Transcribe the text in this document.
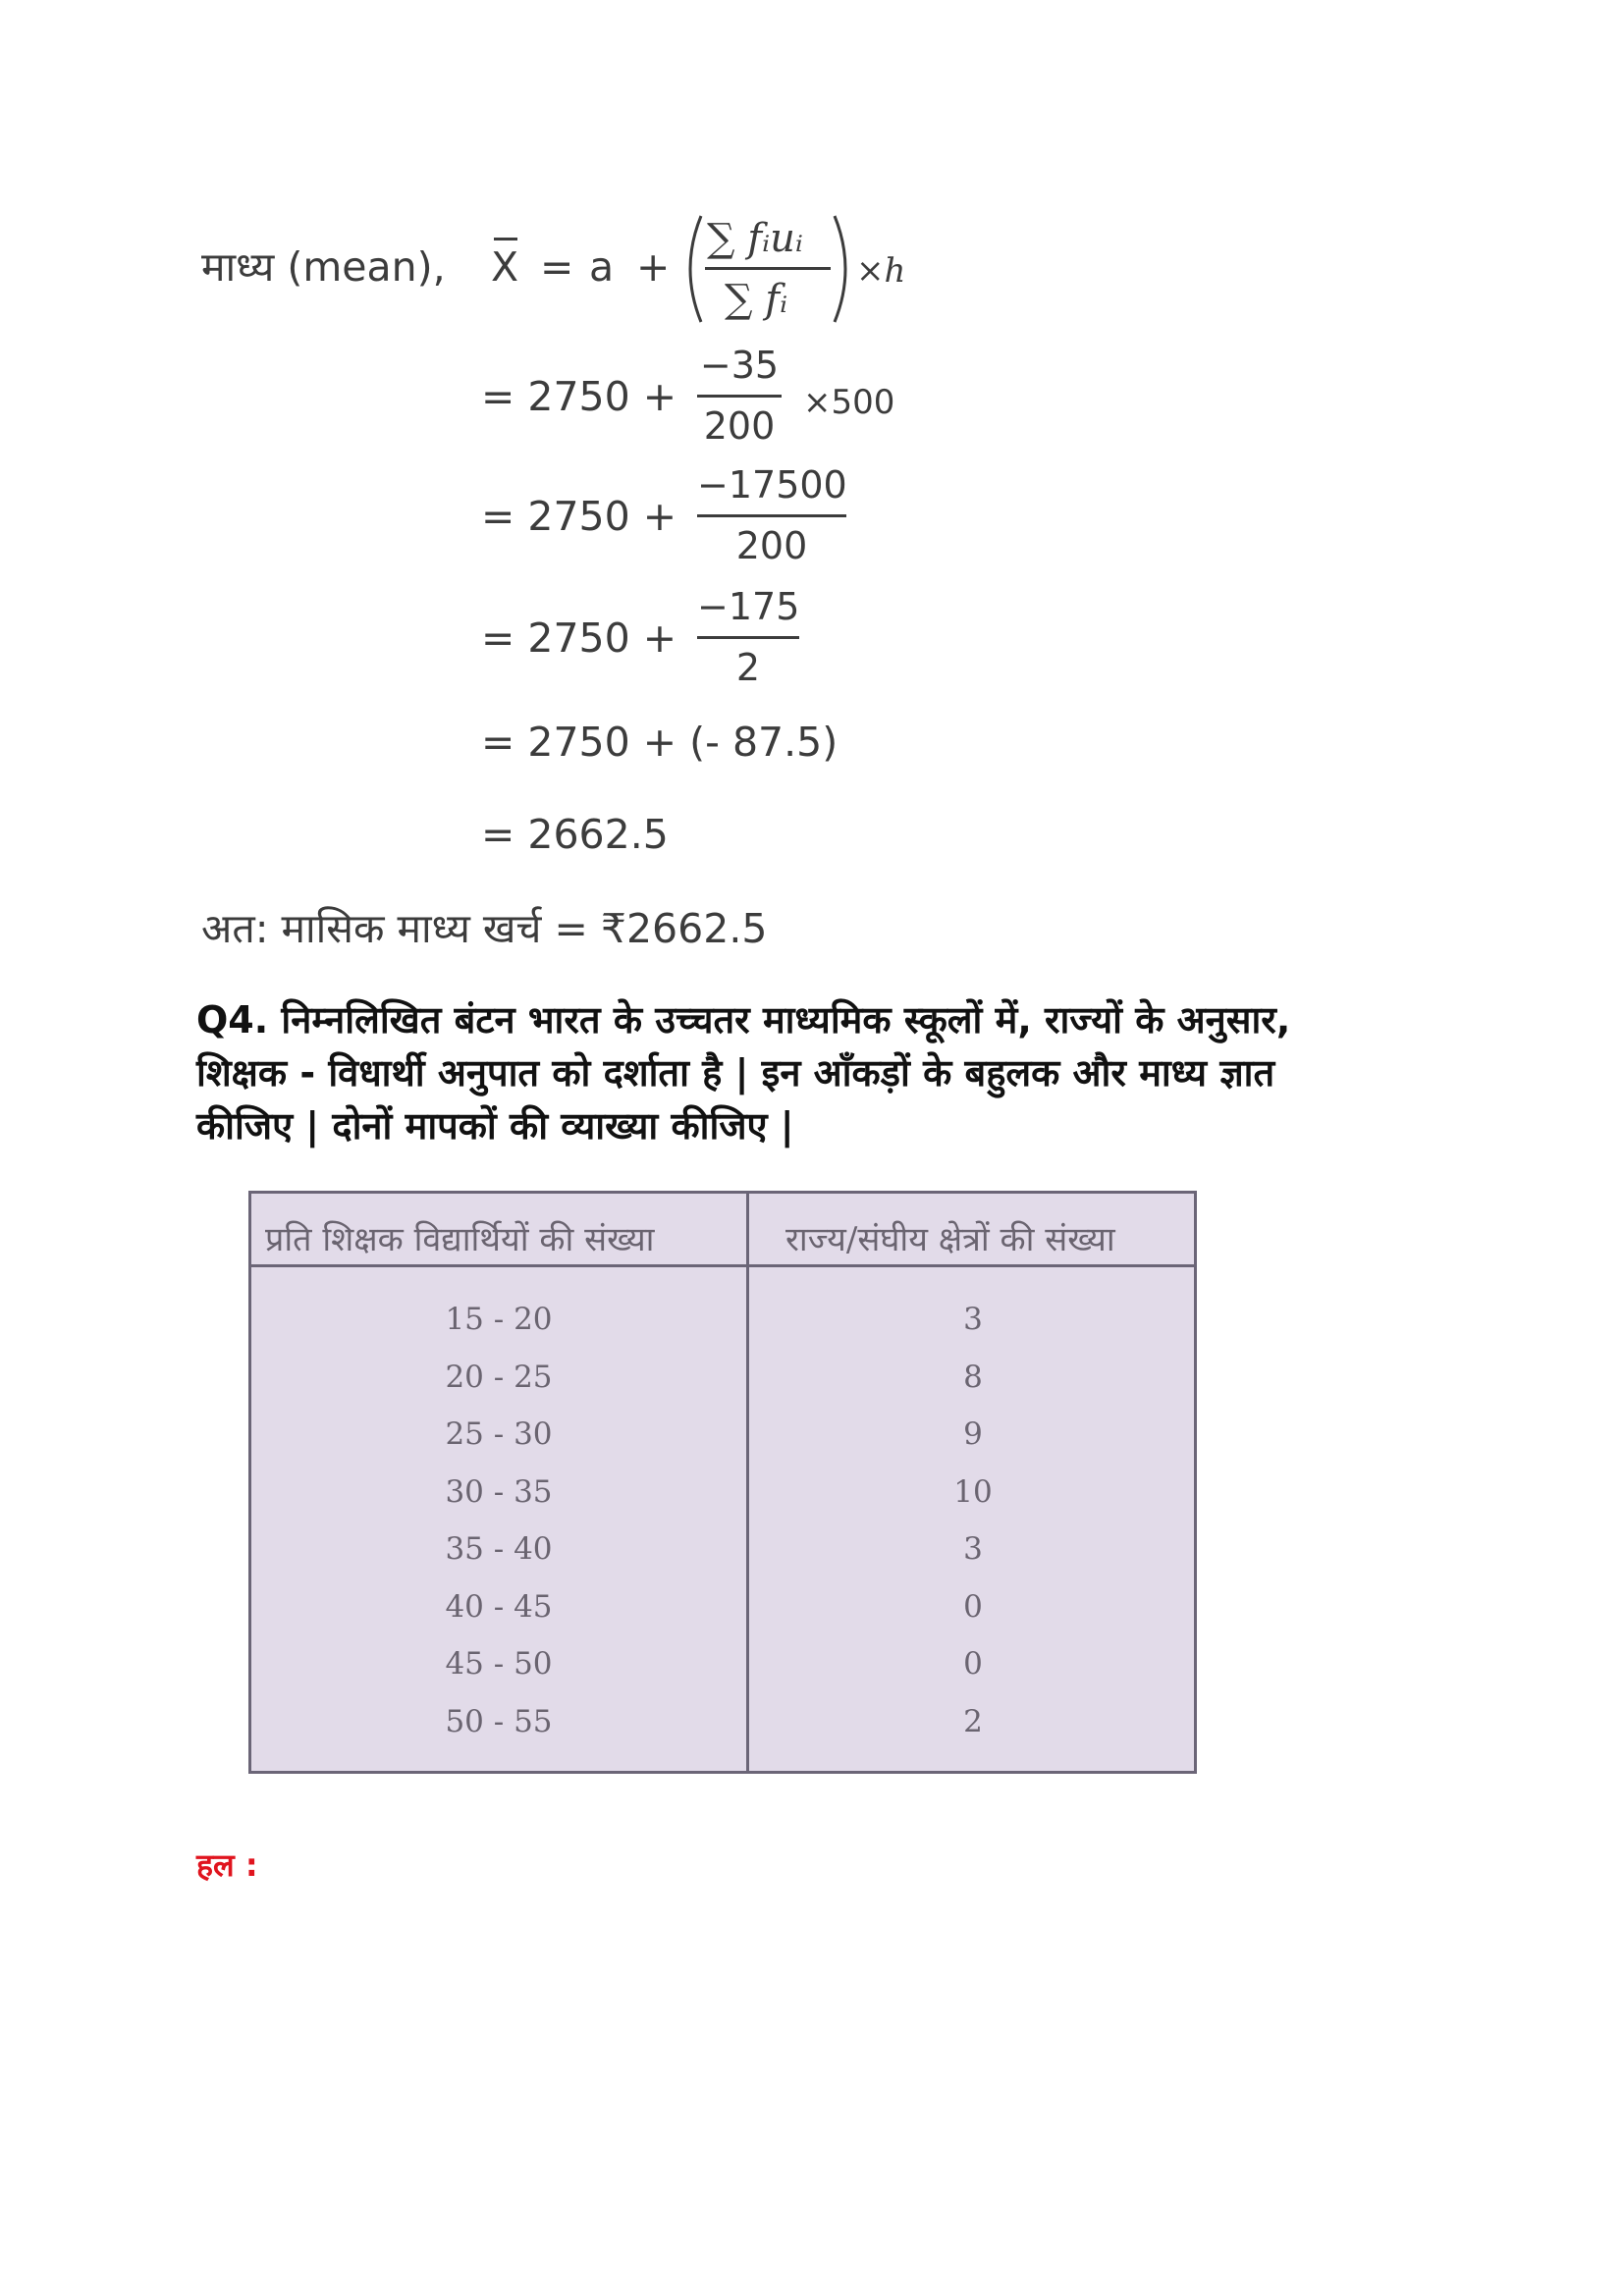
माध्य (mean), X = a +
∑ fᵢuᵢ
∑ fᵢ
×h
= 2750 +
−35
200
×500
= 2750 +
−17500
200
= 2750 +
−175
2
= 2750 + (- 87.5)
= 2662.5
अत: मासिक माध्य खर्च = ₹2662.5
Q4. निम्नलिखित बंटन भारत के उच्चतर माध्यमिक स्कूलों में, राज्यों के अनुसार,
शिक्षक - विधार्थी अनुपात को दर्शाता है | इन आँकड़ों के बहुलक और माध्य ज्ञात
कीजिए | दोनों मापकों की व्याख्या कीजिए |
प्रति शिक्षक विद्यार्थियों की संख्या	राज्य/संघीय क्षेत्रों की संख्या
15 - 20	3
20 - 25	8
25 - 30	9
30 - 35	10
35 - 40	3
40 - 45	0
45 - 50	0
50 - 55	2
हल :
